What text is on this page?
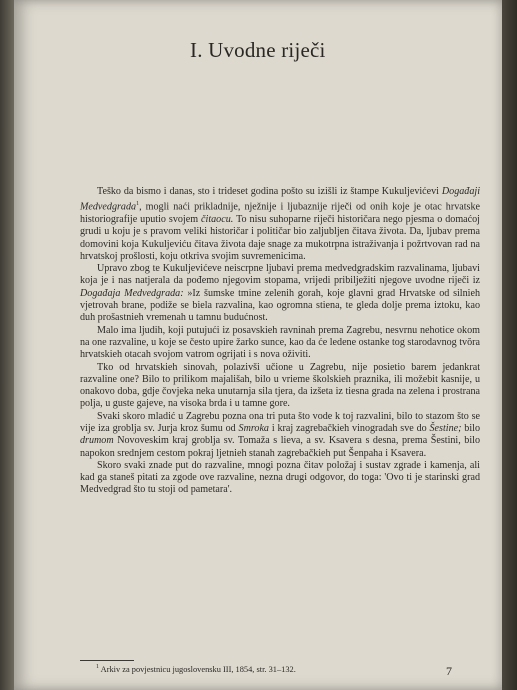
I. Uvodne riječi

Teško da bismo i danas, sto i trideset godina pošto su izišli iz štampe Kukuljevićevi Događaji Medvedgrada$^1$, mogli naći prikladnije, nježnije i ljubaznije riječi od onih koje je otac hrvatske historiografije uputio svojem čitaocu. To nisu suhoparne riječi historičara nego pjesma o domaćoj grudi u koju je s pravom veliki historičar i političar bio zaljubljen čitava života. Da, ljubav prema domovini koja Kukuljeviću čitava života daje snage za mukotrpna istraživanja i požrtvovan rad na hrvatskoj prošlosti, koju otkriva svojim suvremenicima.

Upravo zbog te Kukuljevićeve neiscrpne ljubavi prema medvedgradskim razvalinama, ljubavi koja je i nas natjerala da pođemo njegovim stopama, vrijedi pribilježiti njegove uvodne riječi iz Događaja Medvedgrada: »Iz šumske tmine zelenih gorah, koje glavni grad Hrvatske od silnieh vjetrovah brane, podiže se biela razvalina, kao ogromna stiena, te gleda dolje prema iztoku, kao duh prošastnieh vremenah u tamnu budućnost.

Malo ima ljudih, koji putujući iz posavskieh ravninah prema Zagrebu, nesvrnu nehotice okom na one razvaline, u koje se često upire žarko sunce, kao da će ledene ostanke tog starodavnog tvŏra hrvatskieh otacah svojom vatrom ogrijati i s nova oživiti.

Tko od hrvatskieh sinovah, polazivši učione u Zagrebu, nije posietio barem jedankrat razvaline one? Bilo to prilikom majališah, bilo u vrieme školskieh praznika, ili možebit kasnije, u onakovo doba, gdje čovjeka neka unutarnja sila tjera, da izšeta iz tiesna grada na zelena i prostrana polja, u guste gajeve, na visoka brda i u tamne gore.

Svaki skoro mladić u Zagrebu pozna ona tri puta što vode k toj razvalini, bilo to stazom što se vije iza groblja sv. Jurja kroz šumu od Smroka i kraj zagrebačkieh vinogradah sve do Šestine; bilo drumom Novoveskim kraj groblja sv. Tomaža s lieva, a sv. Ksavera s desna, prema Šestini, bilo napokon srednjem cestom pokraj ljetnieh stanah zagrebačkieh put Šenpaha i Ksavera.

Skoro svaki znade put do razvaline, mnogi pozna čitav položaj i sustav zgrade i kamenja, ali kad ga staneš pitati za zgode ove razvaline, nezna drugi odgovor, do toga: 'Ovo ti je starinski grad Medvedgrad što tu stoji od pametara'.

$^1$ Arkiv za povjestnicu jugoslovensku III, 1854, str. 31–132.	7
